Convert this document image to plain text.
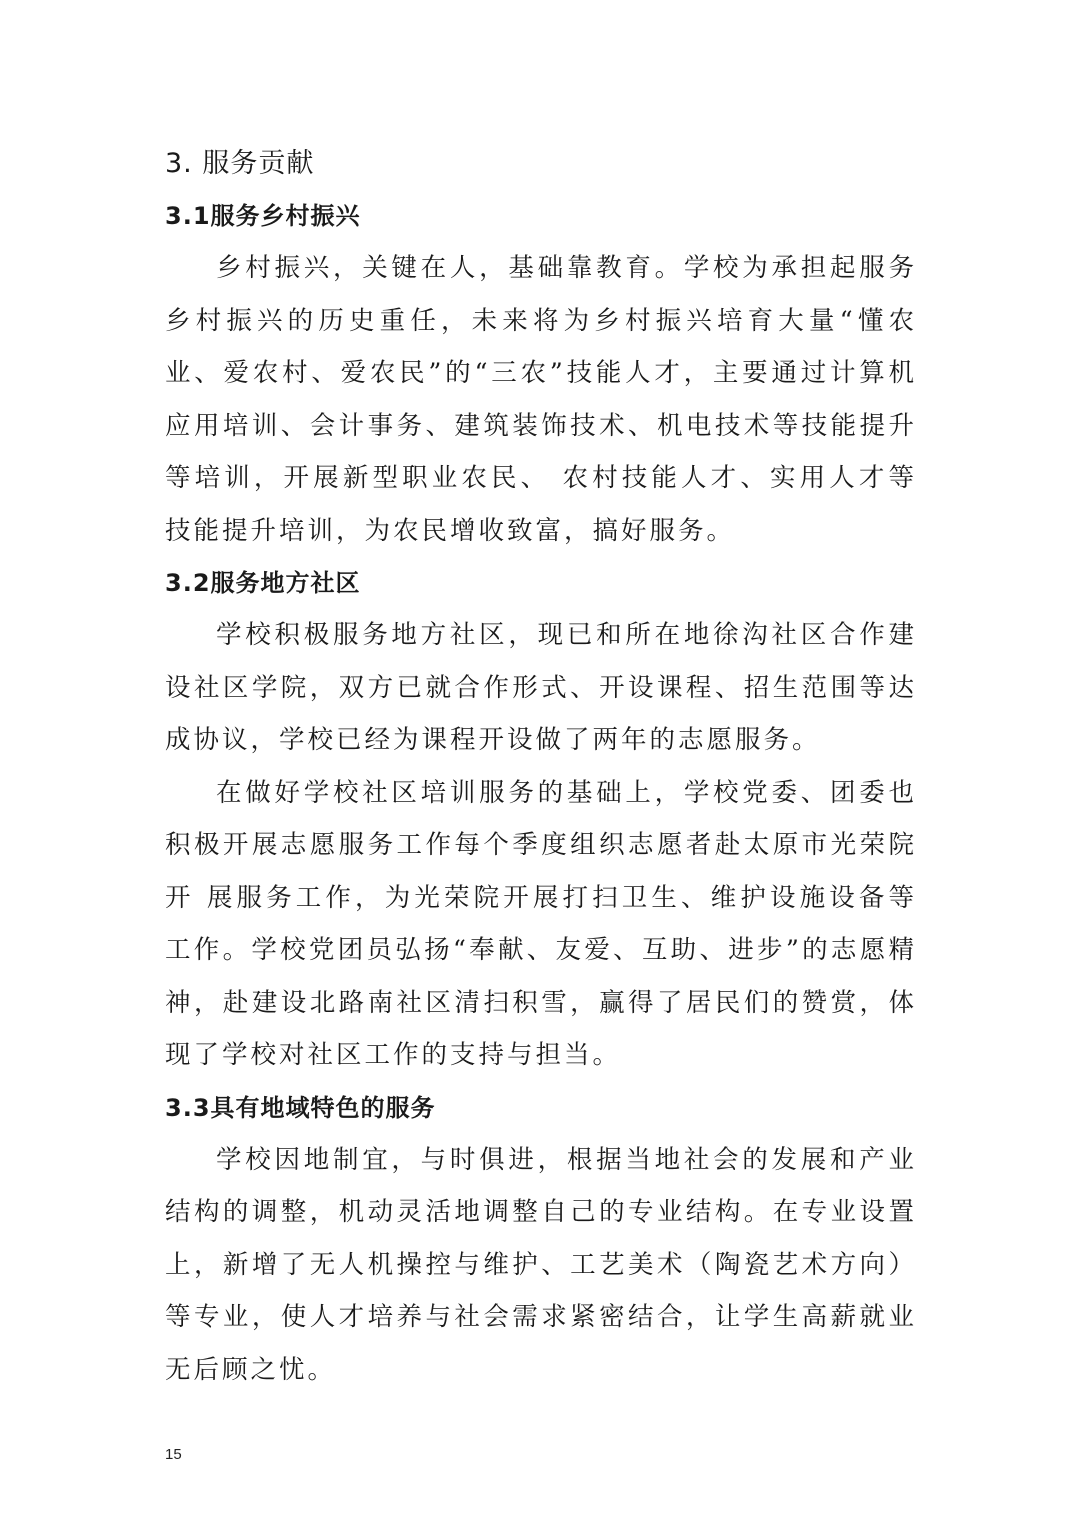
3. 服务贡献
3.1服务乡村振兴

乡村振兴，关键在人，基础靠教育。学校为承担起服务乡村振兴的历史重任，未来将为乡村振兴培育大量“懂农业、爱农村、爱农民”的“三农”技能人才，主要通过计算机应用培训、会计事务、建筑装饰技术、机电技术等技能提升等培训，开展新型职业农民、 农村技能人才、实用人才等技能提升培训，为农民增收致富，搞好服务。

3.2服务地方社区

学校积极服务地方社区，现已和所在地徐沟社区合作建设社区学院，双方已就合作形式、开设课程、招生范围等达成协议，学校已经为课程开设做了两年的志愿服务。

在做好学校社区培训服务的基础上，学校党委、团委也积极开展志愿服务工作每个季度组织志愿者赴太原市光荣院开 展服务工作，为光荣院开展打扫卫生、维护设施设备等工作。学校党团员弘扬“奉献、友爱、互助、进步”的志愿精神，赴建设北路南社区清扫积雪，赢得了居民们的赞赏，体现了学校对社区工作的支持与担当。

3.3具有地域特色的服务

学校因地制宜，与时俱进，根据当地社会的发展和产业结构的调整，机动灵活地调整自己的专业结构。在专业设置上，新增了无人机操控与维护、工艺美术（陶瓷艺术方向）等专业，使人才培养与社会需求紧密结合，让学生高薪就业无后顾之忧。

15
